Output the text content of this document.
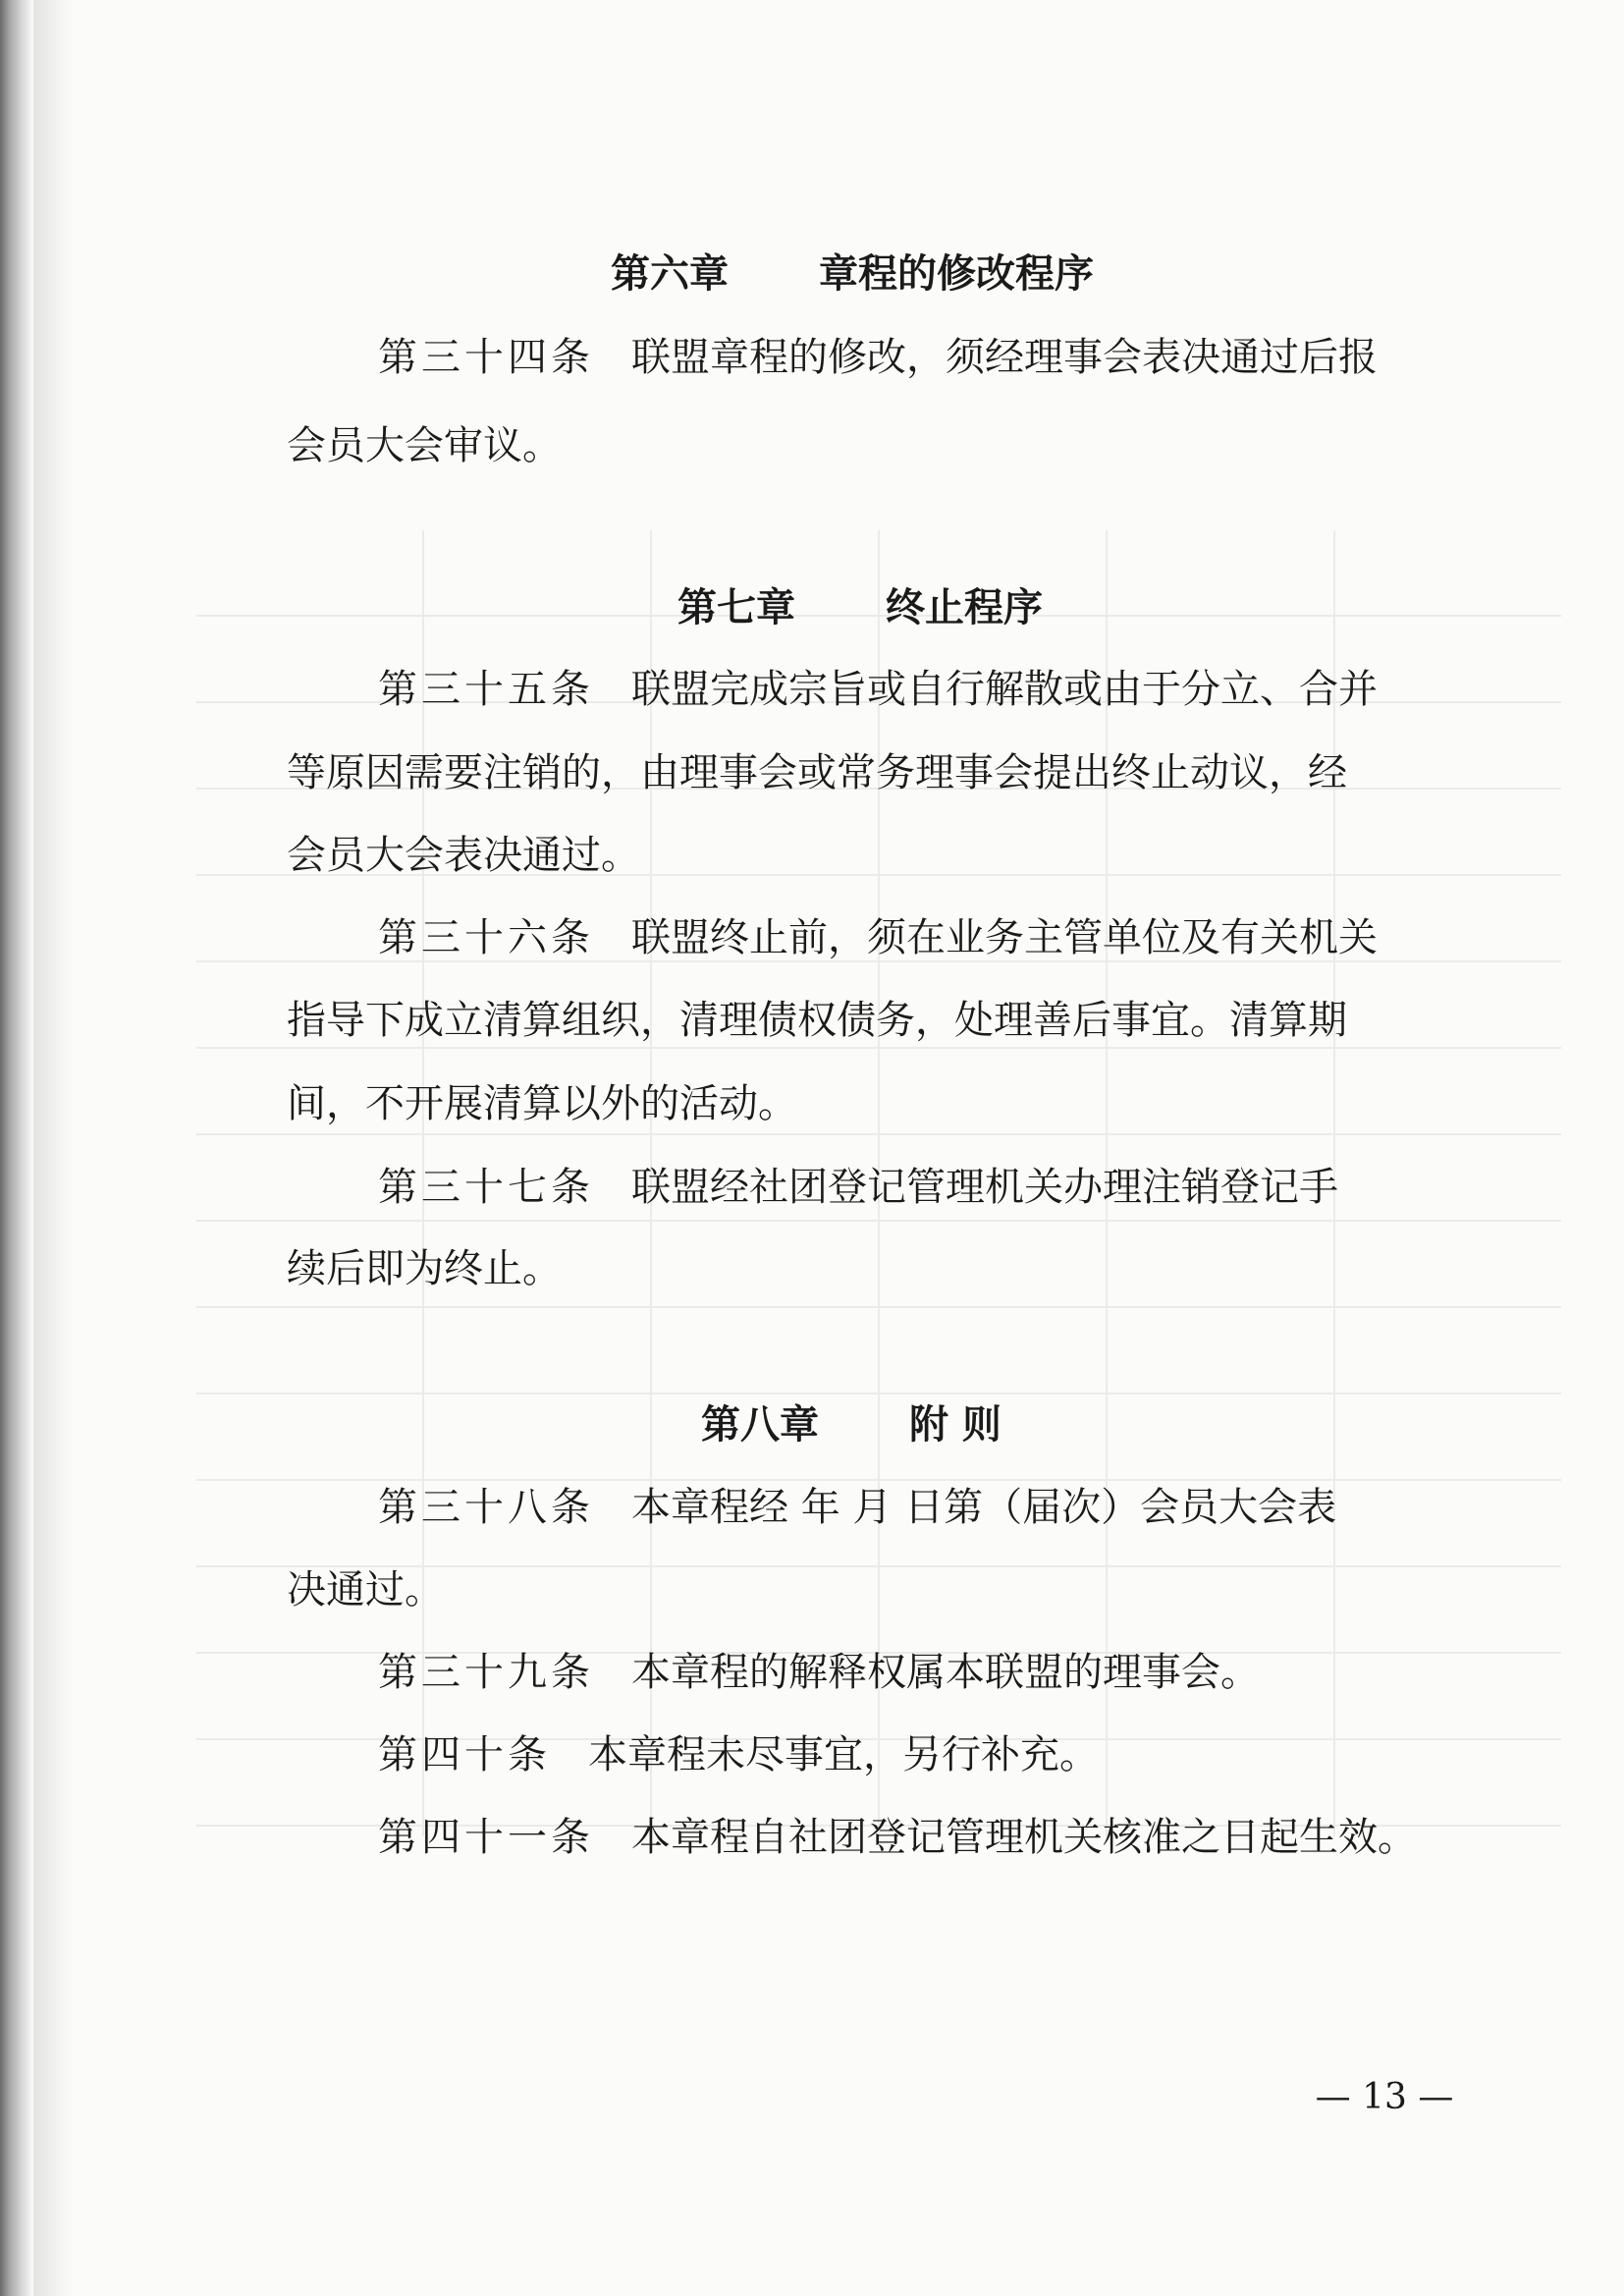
第六章 章程的修改程序
第三十四条 联盟章程的修改，须经理事会表决通过后报
会员大会审议。
第七章 终止程序
第三十五条 联盟完成宗旨或自行解散或由于分立、合并
等原因需要注销的，由理事会或常务理事会提出终止动议，经
会员大会表决通过。
第三十六条 联盟终止前，须在业务主管单位及有关机关
指导下成立清算组织，清理债权债务，处理善后事宜。清算期
间，不开展清算以外的活动。
第三十七条 联盟经社团登记管理机关办理注销登记手
续后即为终止。
第八章 附 则
第三十八条 本章程经 年 月 日第（届次）会员大会表
决通过。
第三十九条 本章程的解释权属本联盟的理事会。
第四十条 本章程未尽事宜，另行补充。
第四十一条 本章程自社团登记管理机关核准之日起生效。
— 13 —
